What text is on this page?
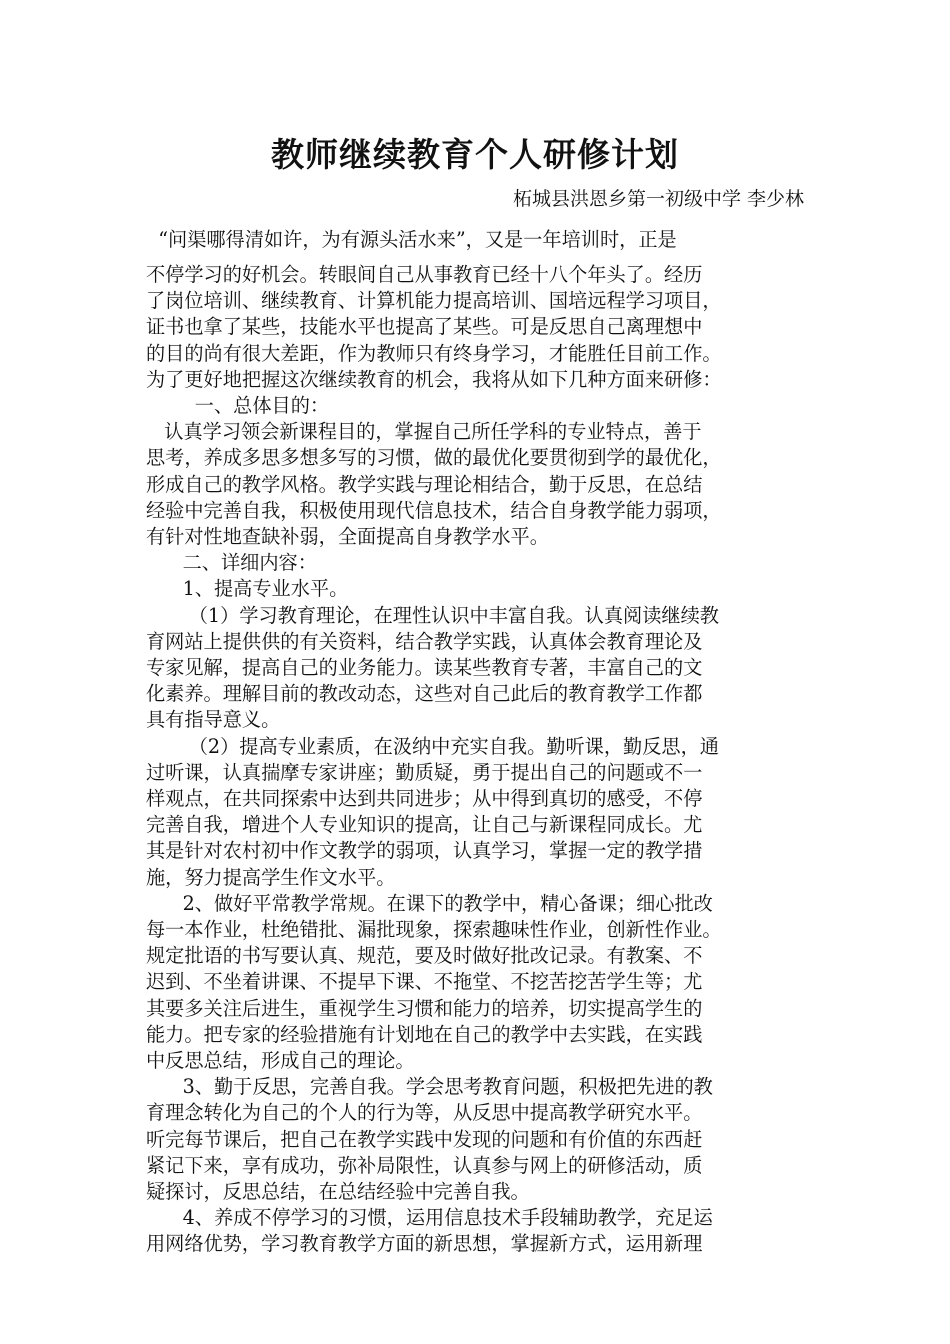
教师继续教育个人研修计划
柘城县洪恩乡第一初级中学 李少林
“问渠哪得清如许，为有源头活水来”，又是一年培训时，正是
不停学习的好机会。转眼间自己从事教育已经十八个年头了。经历
了岗位培训、继续教育、计算机能力提高培训、国培远程学习项目，
证书也拿了某些，技能水平也提高了某些。可是反思自己离理想中
的目的尚有很大差距，作为教师只有终身学习，才能胜任目前工作。
为了更好地把握这次继续教育的机会，我将从如下几种方面来研修：
一、总体目的：
认真学习领会新课程目的，掌握自己所任学科的专业特点，善于
思考，养成多思多想多写的习惯，做的最优化要贯彻到学的最优化，
形成自己的教学风格。教学实践与理论相结合，勤于反思，在总结
经验中完善自我，积极使用现代信息技术，结合自身教学能力弱项，
有针对性地查缺补弱，全面提高自身教学水平。
二、详细内容：
1、提高专业水平。
（1）学习教育理论，在理性认识中丰富自我。认真阅读继续教
育网站上提供供的有关资料，结合教学实践，认真体会教育理论及
专家见解，提高自己的业务能力。读某些教育专著，丰富自己的文
化素养。理解目前的教改动态，这些对自己此后的教育教学工作都
具有指导意义。
（2）提高专业素质，在汲纳中充实自我。勤听课，勤反思，通
过听课，认真揣摩专家讲座；勤质疑，勇于提出自己的问题或不一
样观点，在共同探索中达到共同进步；从中得到真切的感受，不停
完善自我，增进个人专业知识的提高，让自己与新课程同成长。尤
其是针对农村初中作文教学的弱项，认真学习，掌握一定的教学措
施，努力提高学生作文水平。
2、做好平常教学常规。在课下的教学中，精心备课；细心批改
每一本作业，杜绝错批、漏批现象，探索趣味性作业，创新性作业。
规定批语的书写要认真、规范，要及时做好批改记录。有教案、不
迟到、不坐着讲课、不提早下课、不拖堂、不挖苦挖苦学生等；尤
其要多关注后进生，重视学生习惯和能力的培养，切实提高学生的
能力。把专家的经验措施有计划地在自己的教学中去实践，在实践
中反思总结，形成自己的理论。
3、勤于反思，完善自我。学会思考教育问题，积极把先进的教
育理念转化为自己的个人的行为等，从反思中提高教学研究水平。
听完每节课后，把自己在教学实践中发现的问题和有价值的东西赶
紧记下来，享有成功，弥补局限性，认真参与网上的研修活动，质
疑探讨，反思总结，在总结经验中完善自我。
4、养成不停学习的习惯，运用信息技术手段辅助教学，充足运
用网络优势，学习教育教学方面的新思想，掌握新方式，运用新理
